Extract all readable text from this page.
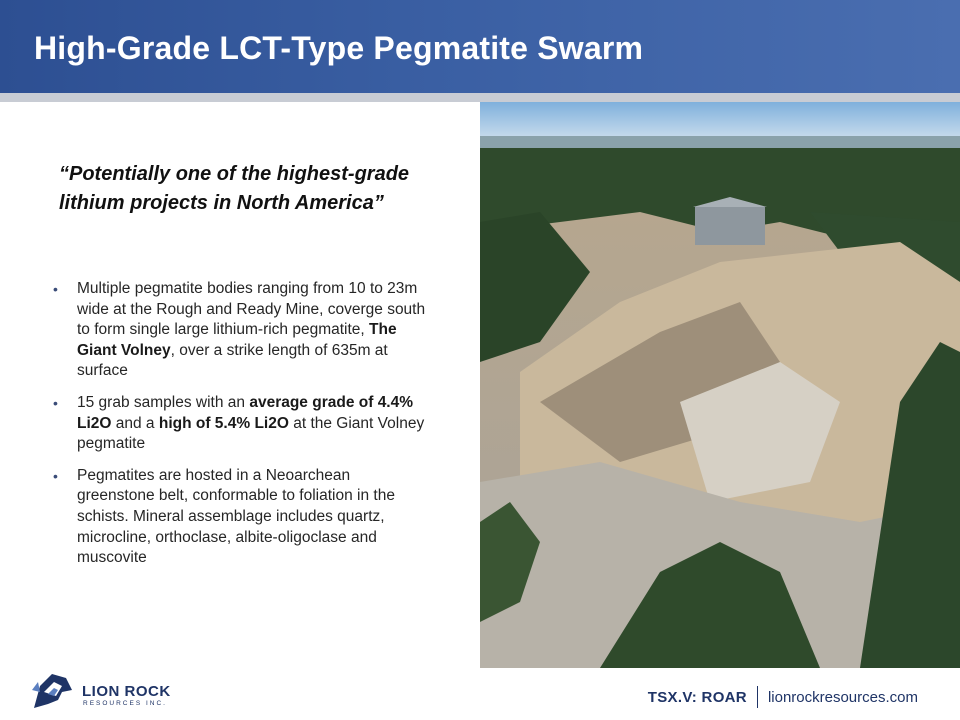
High-Grade LCT-Type Pegmatite Swarm
“Potentially one of the highest-grade lithium projects in North America”
• Multiple pegmatite bodies ranging from 10 to 23m wide at the Rough and Ready Mine, coverge south to form single large lithium-rich pegmatite, The Giant Volney, over a strike length of 635m at surface
• 15 grab samples with an average grade of 4.4% Li2O and a high of 5.4% Li2O at the Giant Volney pegmatite
• Pegmatites are hosted in a Neoarchean greenstone belt, conformable to foliation in the schists. Mineral assemblage includes quartz, microcline, orthoclase, albite-oligoclase and muscovite
LION ROCK
RESOURCES INC.	TSX.V: ROAR lionrockresources.com
